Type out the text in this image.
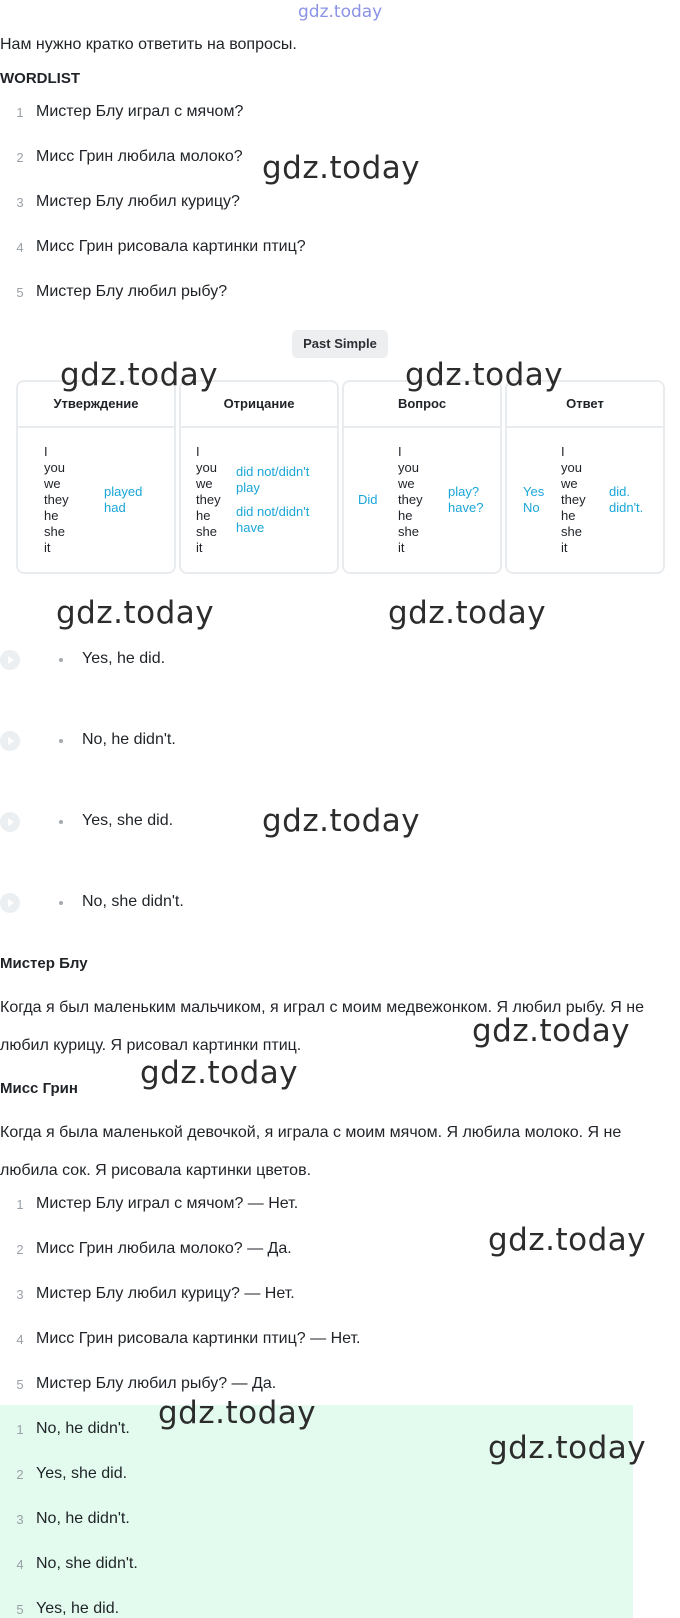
gdz.today
Нам нужно кратко ответить на вопросы.
WORDLIST
1 Мистер Блу играл с мячом?
2 Мисс Грин любила молоко?
3 Мистер Блу любил курицу?
4 Мисс Грин рисовала картинки птиц?
5 Мистер Блу любил рыбу?
Past Simple
Утверждение
I
you
we
they
he
she
it
played
had
Отрицание
I
you
we
they
he
she
it
did not/didn't
play
did not/didn't
have
Вопрос
Did
I
you
we
they
he
she
it
play?
have?
Ответ
Yes
No
I
you
we
they
he
she
it
did.
didn't.
Yes, he did.
No, he didn't.
Yes, she did.
No, she didn't.
Мистер Блу
Когда я был маленьким мальчиком, я играл с моим медвежонком. Я любил рыбу. Я не любил курицу. Я рисовал картинки птиц.
Мисс Грин
Когда я была маленькой девочкой, я играла с моим мячом. Я любила молоко. Я не любила сок. Я рисовала картинки цветов.
1 Мистер Блу играл с мячом? — Нет.
2 Мисс Грин любила молоко? — Да.
3 Мистер Блу любил курицу? — Нет.
4 Мисс Грин рисовала картинки птиц? — Нет.
5 Мистер Блу любил рыбу? — Да.
1 No, he didn't.
2 Yes, she did.
3 No, he didn't.
4 No, she didn't.
5 Yes, he did.
gdz.today
gdz.today	gdz.today
gdz.today	gdz.today
gdz.today
gdz.today
gdz.today
gdz.today
gdz.today
gdz.today
